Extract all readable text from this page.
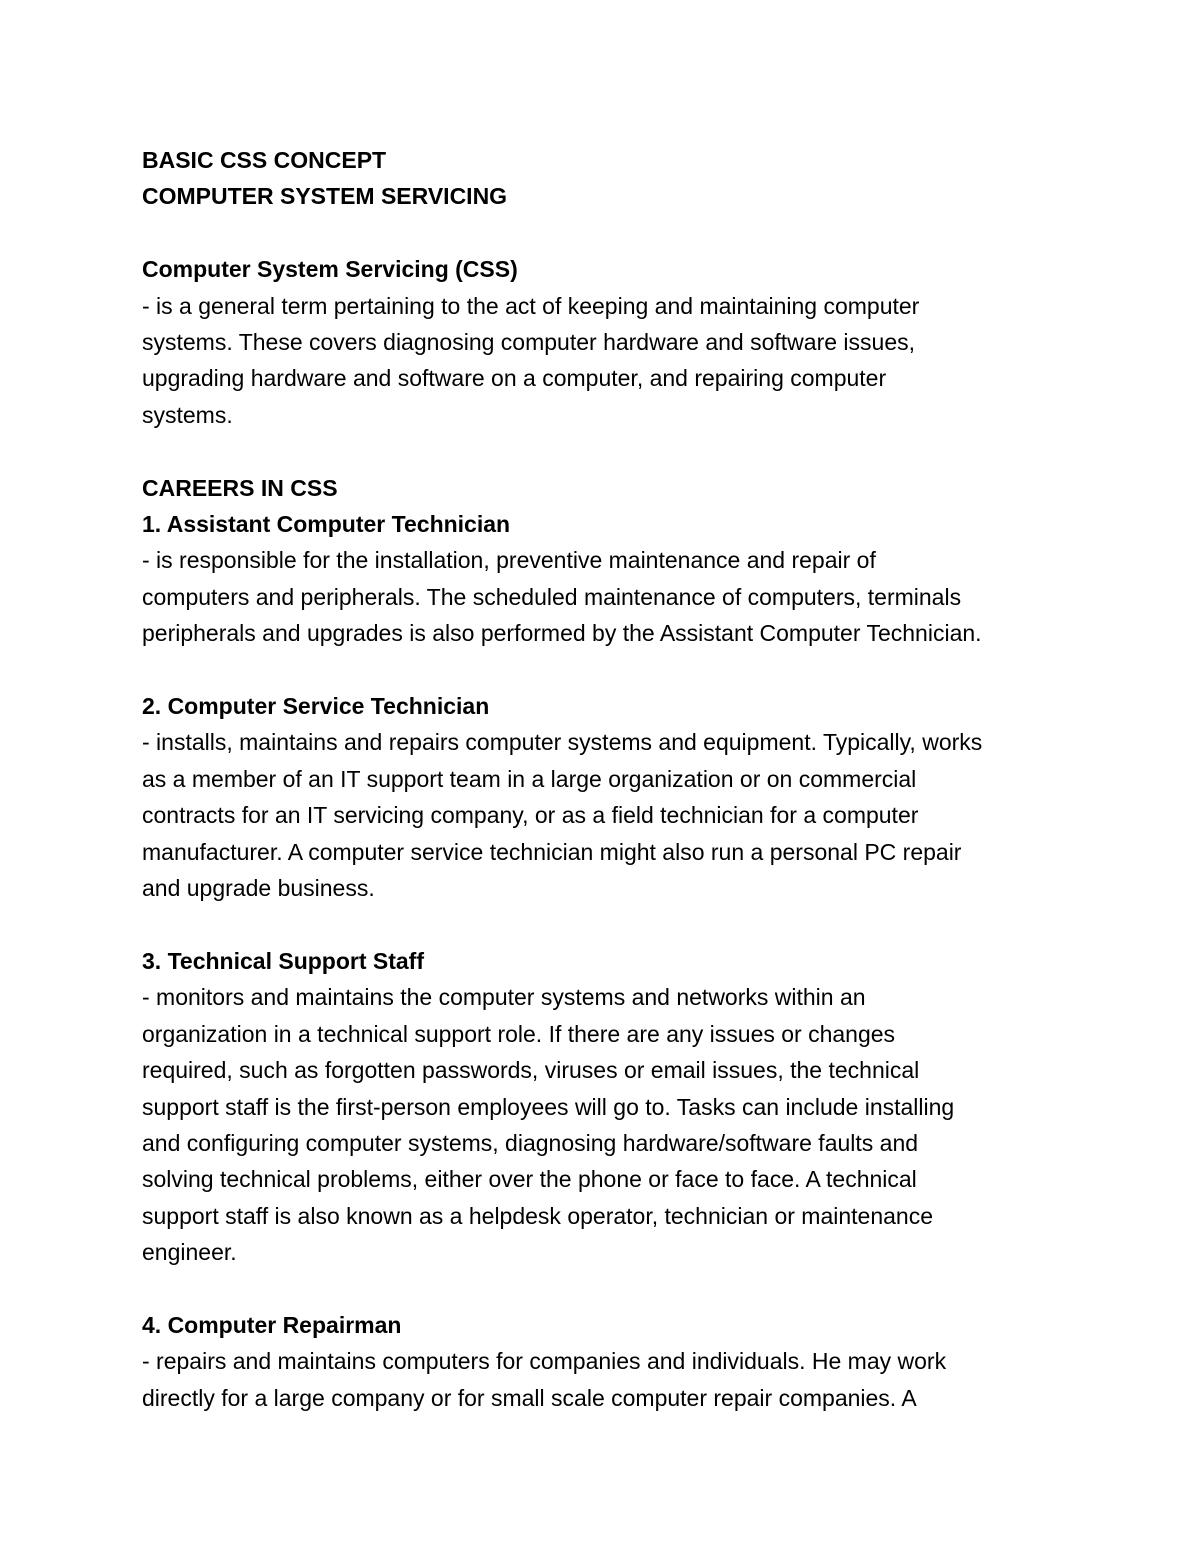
BASIC CSS CONCEPT
COMPUTER SYSTEM SERVICING
Computer System Servicing (CSS)
- is a general term pertaining to the act of keeping and maintaining computer
systems. These covers diagnosing computer hardware and software issues,
upgrading hardware and software on a computer, and repairing computer
systems.
CAREERS IN CSS
1. Assistant Computer Technician
- is responsible for the installation, preventive maintenance and repair of
computers and peripherals. The scheduled maintenance of computers, terminals
peripherals and upgrades is also performed by the Assistant Computer Technician.
2. Computer Service Technician
- installs, maintains and repairs computer systems and equipment. Typically, works
as a member of an IT support team in a large organization or on commercial
contracts for an IT servicing company, or as a field technician for a computer
manufacturer. A computer service technician might also run a personal PC repair
and upgrade business.
3. Technical Support Staff
- monitors and maintains the computer systems and networks within an
organization in a technical support role. If there are any issues or changes
required, such as forgotten passwords, viruses or email issues, the technical
support staff is the first-person employees will go to. Tasks can include installing
and configuring computer systems, diagnosing hardware/software faults and
solving technical problems, either over the phone or face to face. A technical
support staff is also known as a helpdesk operator, technician or maintenance
engineer.
4. Computer Repairman
- repairs and maintains computers for companies and individuals. He may work
directly for a large company or for small scale computer repair companies. A
